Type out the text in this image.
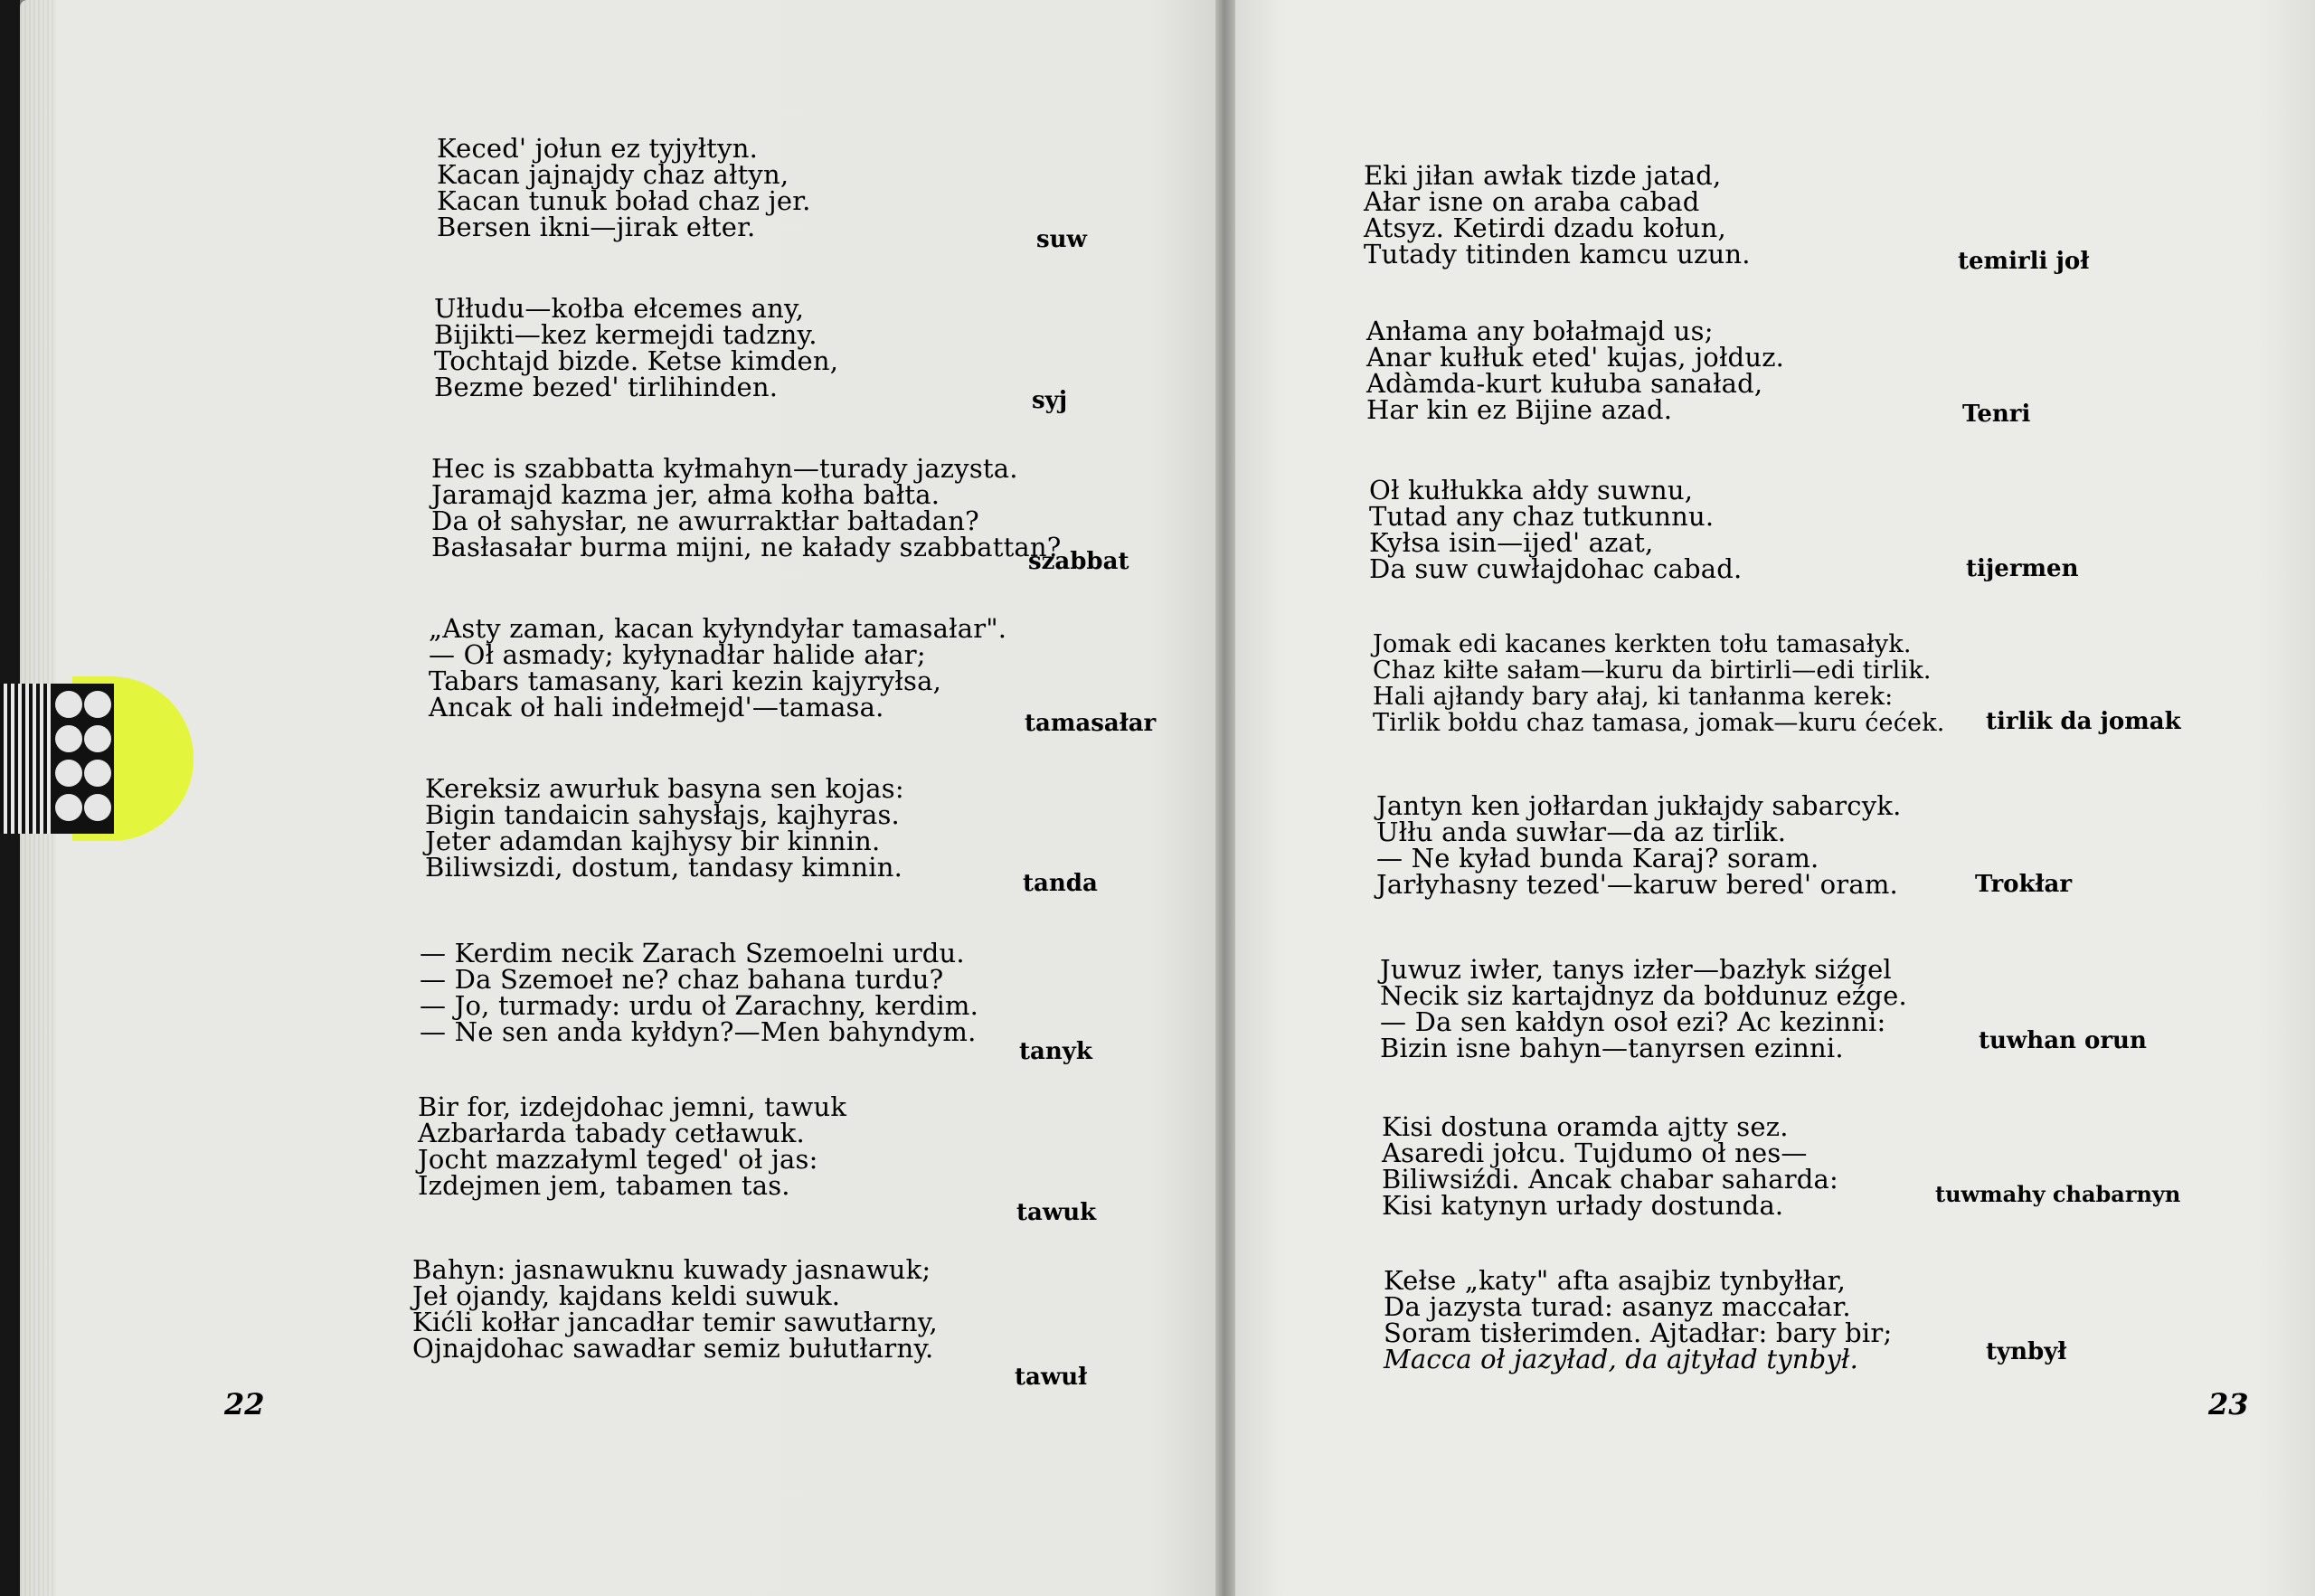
Keced' jołun ez tyjyłtyn.
Kacan jajnajdy chaz ałtyn,
Kacan tunuk boład chaz jer.
Bersen ikni—jirak ełter.	suw
Ułłudu—kołba ełcemes any,
Bijikti—kez kermejdi tadzny.
Tochtajd bizde. Ketse kimden,
Bezme bezed' tirlihinden.	syj
Hec is szabbatta kyłmahyn—turady jazysta.
Jaramajd kazma jer, ałma kołha bałta.
Da oł sahysłar, ne awurraktłar bałtadan?
Basłasałar burma mijni, ne kaładу szabbattan?
szabbat
„Asty zaman, kacan kyłyndyłar tamasałar".
— Oł asmady; kyłynadłar halide ałar;
Tabars tamasany, kari kezin kajyryłsa,
Ancak oł hali indełmejd'—tamasa.
tamasałar
Kereksiz awurłuk basyna sen kojas:
Bigin tandaicin sahysłajs, kajhyras.
Jeter adamdan kajhysy bir kinnin.
Biliwsizdi, dostum, tandasy kimnin.
tanda
— Kerdim necik Zarach Szemoelni urdu.
— Da Szemoeł ne? chaz bahana turdu?
— Jo, turmady: urdu oł Zarachny, kerdim.
— Ne sen anda kyłdyn?—Men bahyndym.
tanyk
Bir for, izdejdohac jemni, tawuk
Azbarłarda tabady cetławuk.
Jocht mazzałyml teged' oł jas:
Izdejmen jem, tabamen tas.
tawuk
Bahyn: jasnawuknu kuwady jasnawuk;
Jeł ojandy, kajdans keldi suwuk.
Kićli kołłar jancadłar temir sawutłarny,
Ojnajdohac sawadłar semiz bułutłarny.
tawuł
22
Eki jiłan awłak tizde jatad,
Ałar isne on araba cabad
Atsyz. Ketirdi dzadu kołun,
Tutady titinden kamcu uzun.	temirli joł
Anłama any bołałmajd us;
Anar kułłuk eted' kujas, jołduz.
Adàmda-kurt kułuba sanaład,
Har kin ez Bijine azad.	Tenri
Oł kułłukka ałdy suwnu,
Tutad any chaz tutkunnu.
Kyłsa isin—ijed' azat,
Da suw cuwłajdohac cabad.	tijermen
Jomak edi kacanes kerkten tołu tamasałyk.
Chaz kiłte sałam—kuru da birtirli—edi tirlik.
Hali ajłandy bary ałaj, ki tanłanma kerek:
Tirlik bołdu chaz tamasa, jomak—kuru ćećek. tirlik da jomak
Jantyn ken jołłardan jukłajdy sabarcyk.
Ułłu anda suwłar—da az tirlik.
— Ne kyład bunda Karaj? soram.
Jarłyhasny tezed'—karuw bered' oram.	Trokłar
Juwuz iwłer, tanys izłer—bazłyk siźgel
Necik siz kartajdnyz da bołdunuz eźge.
— Da sen kałdyn osoł ezi? Ac kezinni:
Bizin isne bahyn—tanyrsen ezinni.	tuwhan orun
Kisi dostuna oramda ajtty sez.
Asaredi jołcu. Tujdumo oł nes—
Biliwsiźdi. Ancak chabar saharda:
Kisi katynyn urłady dostunda.	tuwmahy chabarnyn
Kełse „katy" afta asajbiz tynbyłłar,
Da jazysta turad: asanyz maccałar.
Soram tisłerimden. Ajtadłar: bary bir;
Macca oł jazyład, da ajtyład tynbył.	tynbył
23
